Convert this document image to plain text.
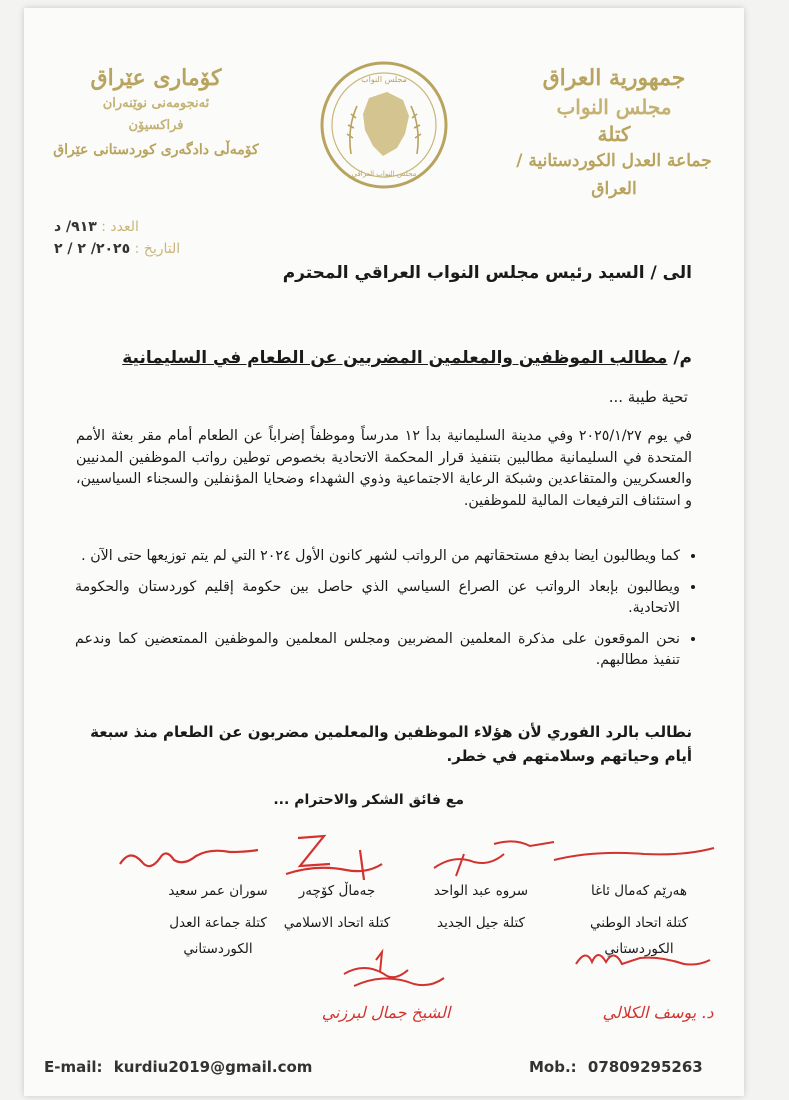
کۆماری عێراق
ئەنجومەنی نوێنەران
فراکسیۆن
کۆمەڵی دادگەری کوردستانی عێراق
مجلس النواب
مجلس النواب العراقي
جمهورية العراق
مجلس النواب
كتلة
جماعة العدل الكوردستانية / العراق
العدد : ٩١٣/ د
التاريخ : ٢٠٢٥/ ٢ / ٢
الى / السيد رئيس مجلس النواب العراقي المحترم
م/ مطالب الموظفين والمعلمين المضربين عن الطعام في السليمانية
تحية طيبة ...
في يوم ٢٠٢٥/١/٢٧ وفي مدينة السليمانية بدأ ١٢ مدرساً وموظفاً إضراباً عن الطعام أمام مقر بعثة الأمم المتحدة في السليمانية مطالبين بتنفيذ قرار المحكمة الاتحادية بخصوص توطين رواتب الموظفين المدنيين والعسكريين والمتقاعدين وشبكة الرعاية الاجتماعية وذوي الشهداء وضحايا المؤنفلين والسجناء السياسيين، و استئناف الترفيعات المالية للموظفين.
• كما ويطالبون ايضا بدفع مستحقاتهم من الرواتب لشهر كانون الأول ٢٠٢٤ التي لم يتم توزيعها حتى الآن .
• ويطالبون بإبعاد الرواتب عن الصراع السياسي الذي حاصل بين حكومة إقليم كوردستان والحكومة الاتحادية.
• نحن الموقعون على مذكرة المعلمين المضربين ومجلس المعلمين والموظفين الممتعضين كما وندعم تنفيذ مطالبهم.
نطالب بالرد الفوري لأن هؤلاء الموظفين والمعلمين مضربون عن الطعام منذ سبعة أيام وحياتهم وسلامتهم في خطر.
مع فائق الشكر والاحترام ...
الشيخ جمال لبرزني	د. يوسف الكلالي
سوران عمر سعيد
كتلة جماعة العدل الكوردستاني
جەماڵ کۆچەر
كتلة اتحاد الاسلامي
سروه عبد الواحد
كتلة جيل الجديد
هەرێم کەمال ئاغا
كتلة اتحاد الوطني الكوردستاني
E-mail: kurdiu2019@gmail.com	Mob.: 07809295263
